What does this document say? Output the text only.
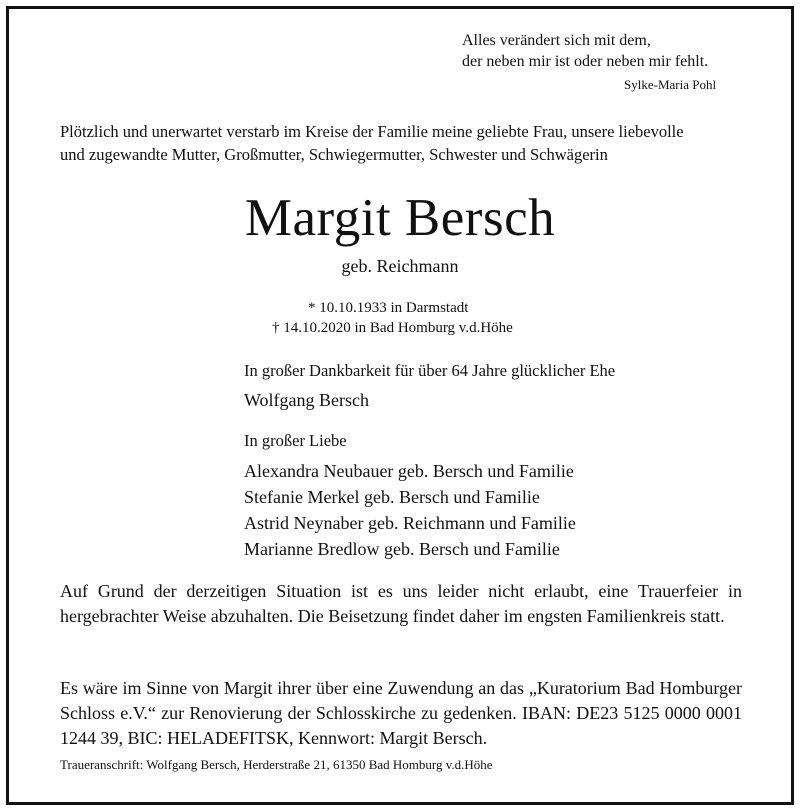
Alles verändert sich mit dem,
der neben mir ist oder neben mir fehlt.
Sylke-Maria Pohl
Plötzlich und unerwartet verstarb im Kreise der Familie meine geliebte Frau, unsere liebevolle
und zugewandte Mutter, Großmutter, Schwiegermutter, Schwester und Schwägerin
Margit Bersch
geb. Reichmann
* 10.10.1933 in Darmstadt
† 14.10.2020 in Bad Homburg v.d.Höhe
In großer Dankbarkeit für über 64 Jahre glücklicher Ehe
Wolfgang Bersch
In großer Liebe
Alexandra Neubauer geb. Bersch und Familie
Stefanie Merkel geb. Bersch und Familie
Astrid Neynaber geb. Reichmann und Familie
Marianne Bredlow geb. Bersch und Familie
Auf Grund der derzeitigen Situation ist es uns leider nicht erlaubt, eine Trauerfeier in hergebrachter Weise abzuhalten. Die Beisetzung findet daher im engsten Familienkreis statt.
Es wäre im Sinne von Margit ihrer über eine Zuwendung an das „Kuratorium Bad Homburger Schloss e.V.“ zur Renovierung der Schlosskirche zu gedenken. IBAN: DE23 5125 0000 0001 1244 39, BIC: HELADEFITSK, Kennwort: Margit Bersch.
Traueranschrift: Wolfgang Bersch, Herderstraße 21, 61350 Bad Homburg v.d.Höhe
